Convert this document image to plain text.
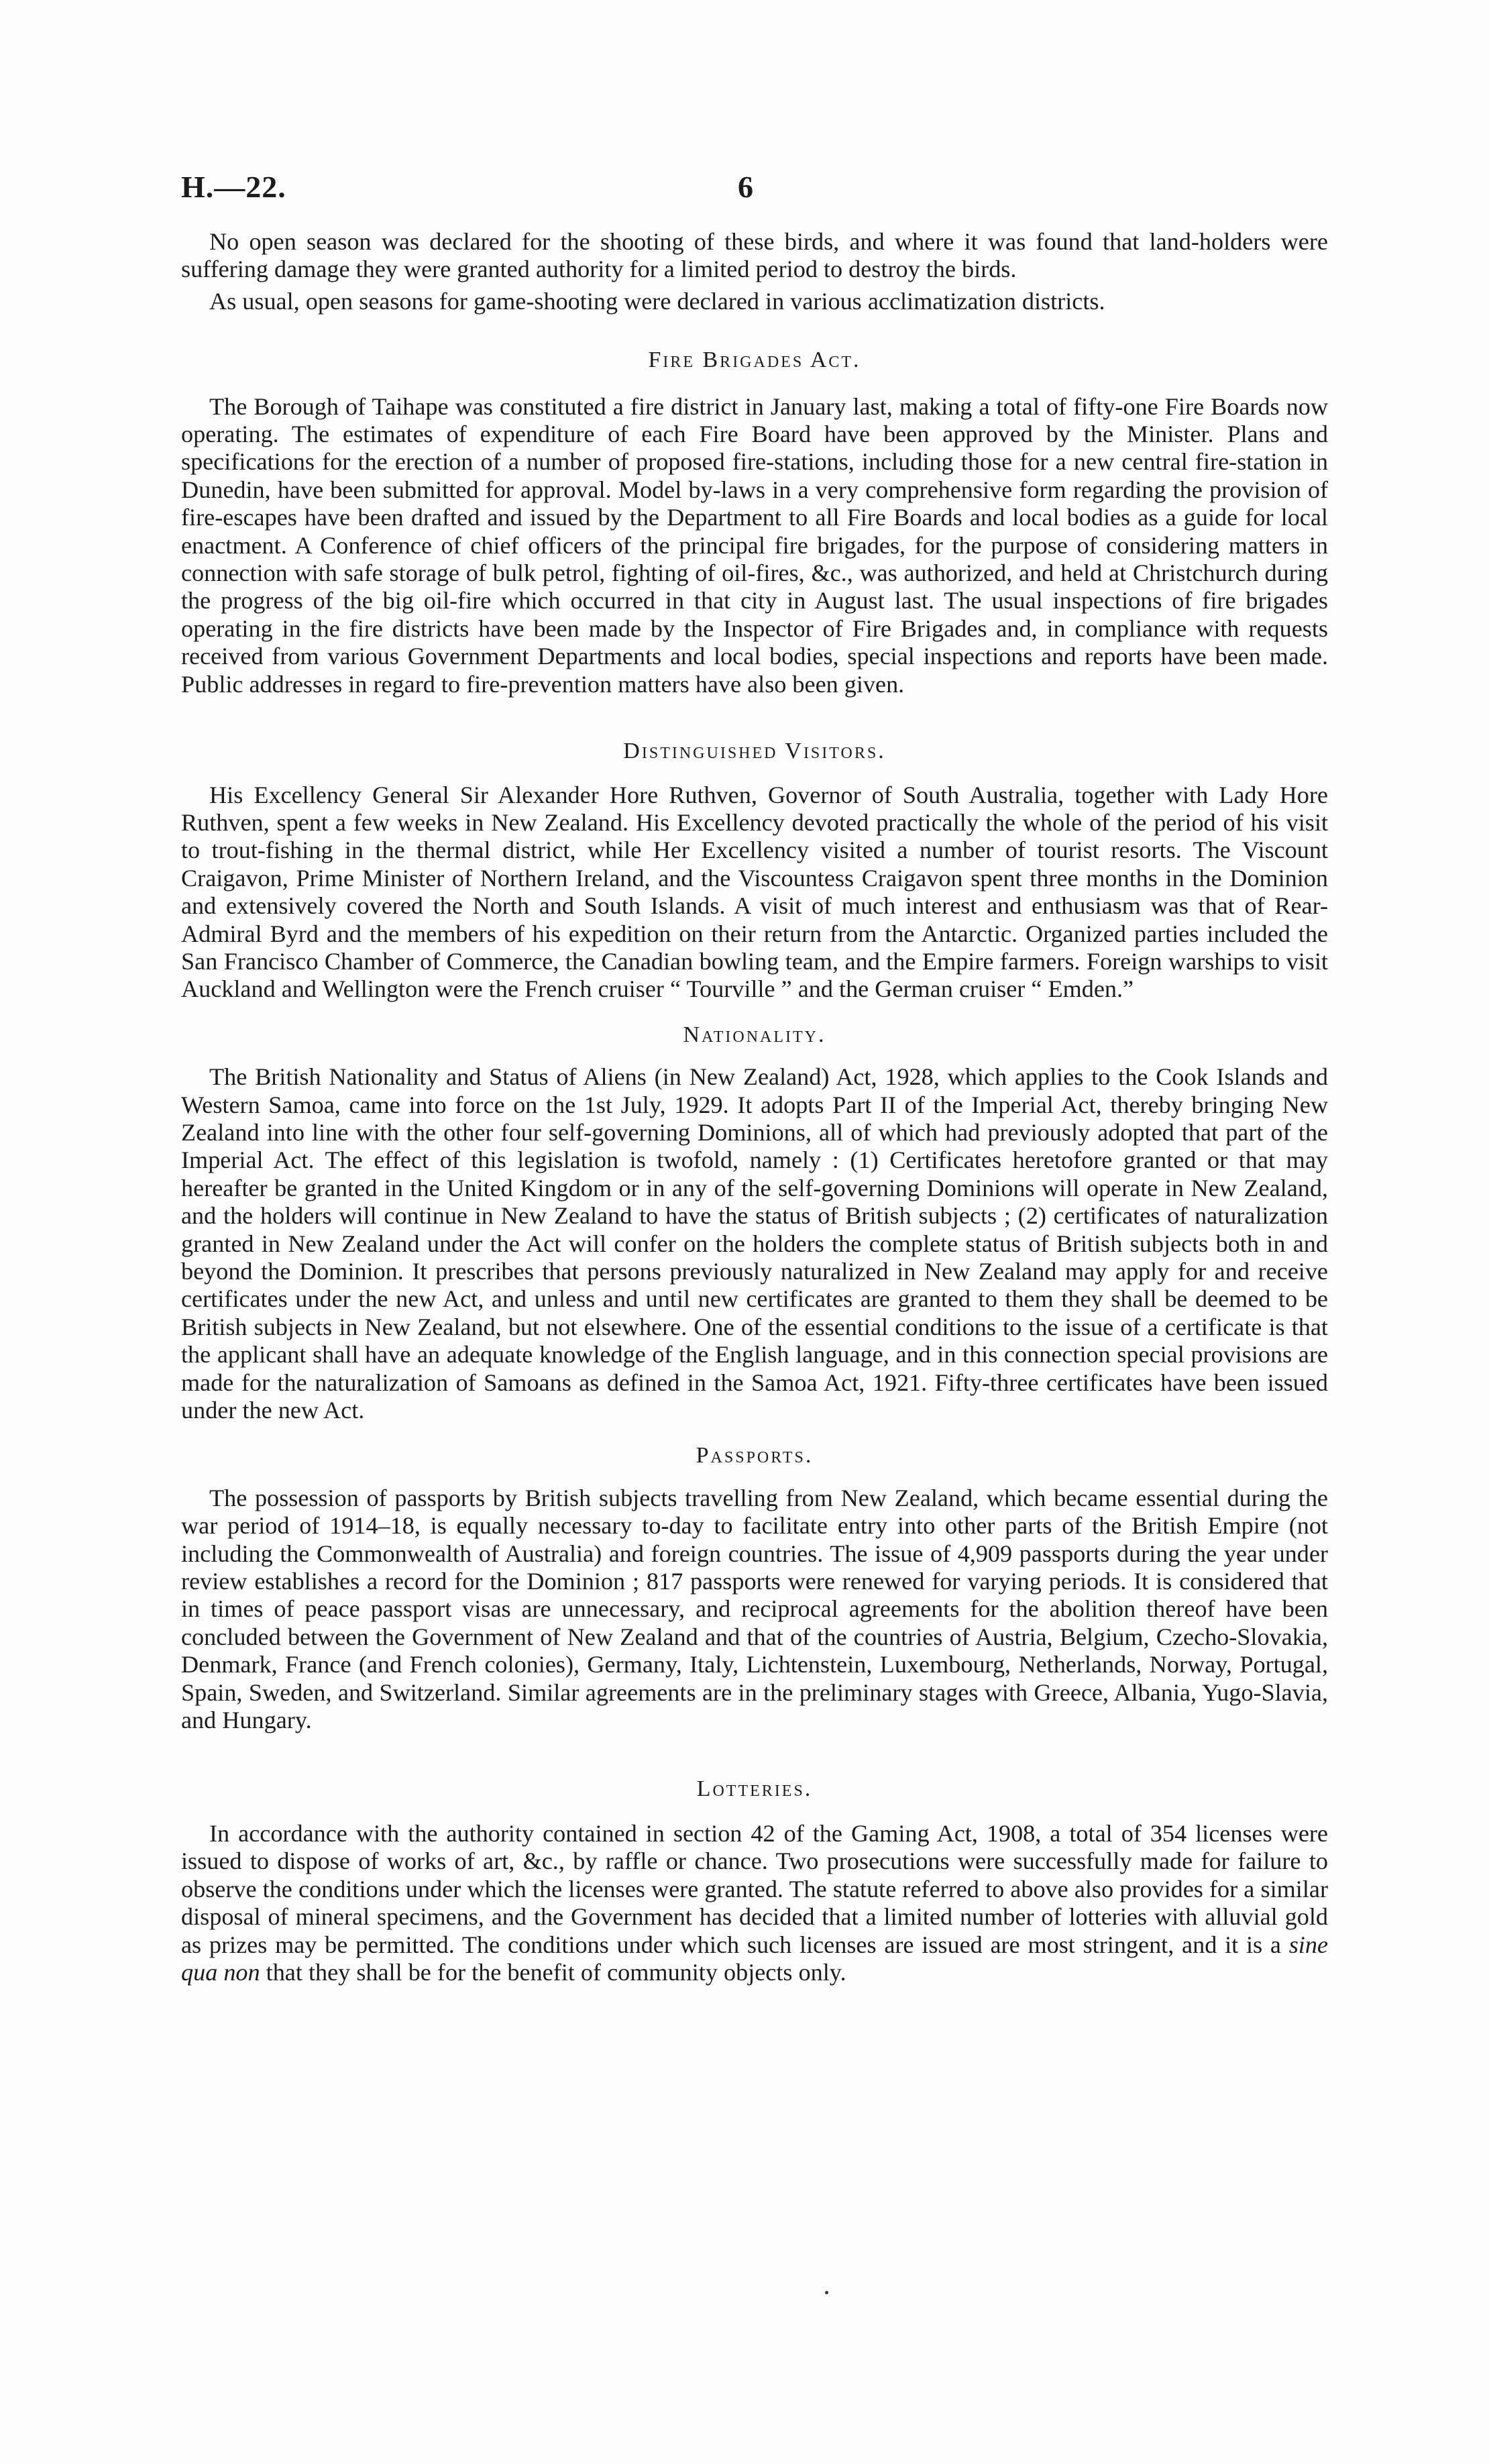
H.—22.	6

No open season was declared for the shooting of these birds, and where it was found that land-holders were suffering damage they were granted authority for a limited period to destroy the birds.

As usual, open seasons for game-shooting were declared in various acclimatization districts.

Fire Brigades Act.

The Borough of Taihape was constituted a fire district in January last, making a total of fifty-one Fire Boards now operating. The estimates of expenditure of each Fire Board have been approved by the Minister. Plans and specifications for the erection of a number of proposed fire-stations, including those for a new central fire-station in Dunedin, have been submitted for approval. Model by-laws in a very comprehensive form regarding the provision of fire-escapes have been drafted and issued by the Department to all Fire Boards and local bodies as a guide for local enactment. A Conference of chief officers of the principal fire brigades, for the purpose of considering matters in connection with safe storage of bulk petrol, fighting of oil-fires, &c., was authorized, and held at Christchurch during the progress of the big oil-fire which occurred in that city in August last. The usual inspections of fire brigades operating in the fire districts have been made by the Inspector of Fire Brigades and, in compliance with requests received from various Government Departments and local bodies, special inspections and reports have been made. Public addresses in regard to fire-prevention matters have also been given.

Distinguished Visitors.

His Excellency General Sir Alexander Hore Ruthven, Governor of South Australia, together with Lady Hore Ruthven, spent a few weeks in New Zealand. His Excellency devoted practically the whole of the period of his visit to trout-fishing in the thermal district, while Her Excellency visited a number of tourist resorts. The Viscount Craigavon, Prime Minister of Northern Ireland, and the Viscountess Craigavon spent three months in the Dominion and extensively covered the North and South Islands. A visit of much interest and enthusiasm was that of Rear-Admiral Byrd and the members of his expedition on their return from the Antarctic. Organized parties included the San Francisco Chamber of Commerce, the Canadian bowling team, and the Empire farmers. Foreign warships to visit Auckland and Wellington were the French cruiser “ Tourville ” and the German cruiser “ Emden.”

Nationality.

The British Nationality and Status of Aliens (in New Zealand) Act, 1928, which applies to the Cook Islands and Western Samoa, came into force on the 1st July, 1929. It adopts Part II of the Imperial Act, thereby bringing New Zealand into line with the other four self-governing Dominions, all of which had previously adopted that part of the Imperial Act. The effect of this legislation is twofold, namely : (1) Certificates heretofore granted or that may hereafter be granted in the United Kingdom or in any of the self-governing Dominions will operate in New Zealand, and the holders will continue in New Zealand to have the status of British subjects ; (2) certificates of naturalization granted in New Zealand under the Act will confer on the holders the complete status of British subjects both in and beyond the Dominion. It prescribes that persons previously naturalized in New Zealand may apply for and receive certificates under the new Act, and unless and until new certificates are granted to them they shall be deemed to be British subjects in New Zealand, but not elsewhere. One of the essential conditions to the issue of a certificate is that the applicant shall have an adequate knowledge of the English language, and in this connection special provisions are made for the naturalization of Samoans as defined in the Samoa Act, 1921. Fifty-three certificates have been issued under the new Act.

Passports.

The possession of passports by British subjects travelling from New Zealand, which became essential during the war period of 1914–18, is equally necessary to-day to facilitate entry into other parts of the British Empire (not including the Commonwealth of Australia) and foreign countries. The issue of 4,909 passports during the year under review establishes a record for the Dominion ; 817 passports were renewed for varying periods. It is considered that in times of peace passport visas are unnecessary, and reciprocal agreements for the abolition thereof have been concluded between the Government of New Zealand and that of the countries of Austria, Belgium, Czecho-Slovakia, Denmark, France (and French colonies), Germany, Italy, Lichtenstein, Luxembourg, Netherlands, Norway, Portugal, Spain, Sweden, and Switzerland. Similar agreements are in the preliminary stages with Greece, Albania, Yugo-Slavia, and Hungary.

Lotteries.

In accordance with the authority contained in section 42 of the Gaming Act, 1908, a total of 354 licenses were issued to dispose of works of art, &c., by raffle or chance. Two prosecutions were successfully made for failure to observe the conditions under which the licenses were granted. The statute referred to above also provides for a similar disposal of mineral specimens, and the Government has decided that a limited number of lotteries with alluvial gold as prizes may be permitted. The conditions under which such licenses are issued are most stringent, and it is a sine qua non that they shall be for the benefit of community objects only.
